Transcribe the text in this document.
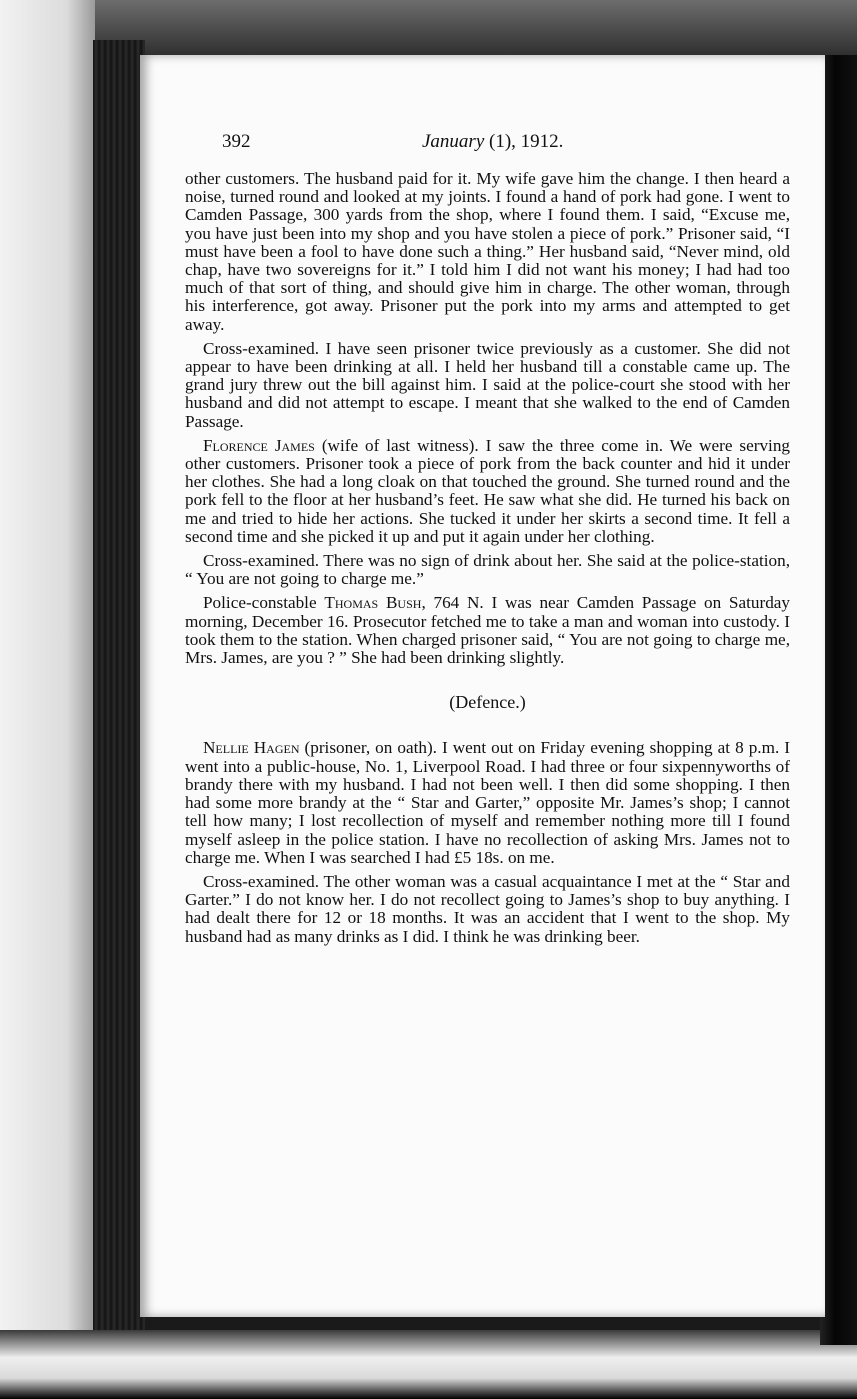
392	January (1), 1912.

other customers. The husband paid for it. My wife gave him the change. I then heard a noise, turned round and looked at my joints. I found a hand of pork had gone. I went to Camden Passage, 300 yards from the shop, where I found them. I said, “Excuse me, you have just been into my shop and you have stolen a piece of pork.” Prisoner said, “I must have been a fool to have done such a thing.” Her husband said, “Never mind, old chap, have two sovereigns for it.” I told him I did not want his money; I had had too much of that sort of thing, and should give him in charge. The other woman, through his interference, got away. Prisoner put the pork into my arms and attempted to get away.

Cross-examined. I have seen prisoner twice previously as a customer. She did not appear to have been drinking at all. I held her husband till a constable came up. The grand jury threw out the bill against him. I said at the police-court she stood with her husband and did not attempt to escape. I meant that she walked to the end of Camden Passage.

Florence James (wife of last witness). I saw the three come in. We were serving other customers. Prisoner took a piece of pork from the back counter and hid it under her clothes. She had a long cloak on that touched the ground. She turned round and the pork fell to the floor at her husband’s feet. He saw what she did. He turned his back on me and tried to hide her actions. She tucked it under her skirts a second time. It fell a second time and she picked it up and put it again under her clothing.

Cross-examined. There was no sign of drink about her. She said at the police-station, “ You are not going to charge me.”

Police-constable Thomas Bush, 764 N. I was near Camden Passage on Saturday morning, December 16. Prosecutor fetched me to take a man and woman into custody. I took them to the station. When charged prisoner said, “ You are not going to charge me, Mrs. James, are you ? ” She had been drinking slightly.

(Defence.)

Nellie Hagen (prisoner, on oath). I went out on Friday evening shopping at 8 p.m. I went into a public-house, No. 1, Liverpool Road. I had three or four sixpennyworths of brandy there with my husband. I had not been well. I then did some shopping. I then had some more brandy at the “ Star and Garter,” opposite Mr. James’s shop; I cannot tell how many; I lost recollection of myself and remember nothing more till I found myself asleep in the police station. I have no recollection of asking Mrs. James not to charge me. When I was searched I had £5 18s. on me.

Cross-examined. The other woman was a casual acquaintance I met at the “ Star and Garter.” I do not know her. I do not recollect going to James’s shop to buy anything. I had dealt there for 12 or 18 months. It was an accident that I went to the shop. My husband had as many drinks as I did. I think he was drinking beer.
